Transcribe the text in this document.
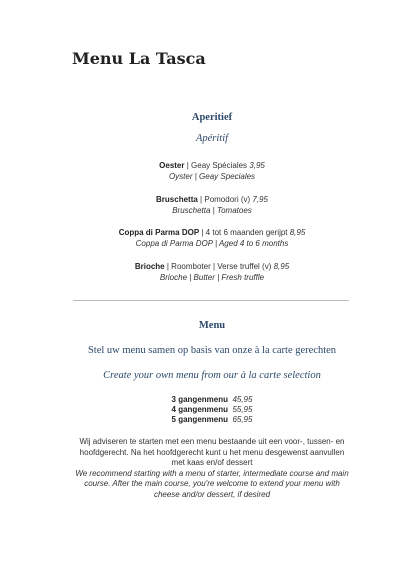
Menu La Tasca

Aperitief

Apéritif

Oester | Geay Spéciales 3,95
Oyster | Geay Speciales
Bruschetta | Pomodori (v) 7,95
Bruschetta | Tomatoes
Coppa di Parma DOP | 4 tot 6 maanden gerijpt 8,95
Coppa di Parma DOP | Aged 4 to 6 months
Brioche | Roomboter | Verse truffel (v) 8,95
Brioche | Butter | Fresh truffle

Menu

Stel uw menu samen op basis van onze à la carte gerechten

Create your own menu from our à la carte selection

3 gangenmenu 45,95

4 gangenmenu 55,95

5 gangenmenu 65,95

Wij adviseren te starten met een menu bestaande uit een voor-, tussen- en hoofdgerecht. Na het hoofdgerecht kunt u het menu desgewenst aanvullen met kaas en/of dessert

We recommend starting with a menu of starter, intermediate course and main course. After the main course, you're welcome to extend your menu with cheese and/or dessert, if desired
